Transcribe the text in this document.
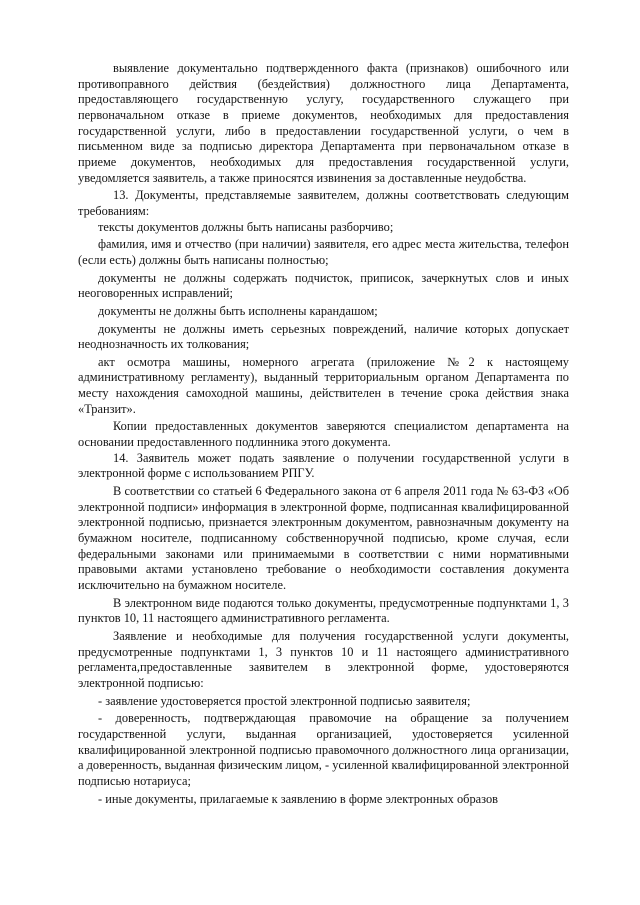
выявление документально подтвержденного факта (признаков) ошибочного или противоправного действия (бездействия) должностного лица Департамента, предоставляющего государственную услугу, государственного служащего при первоначальном отказе в приеме документов, необходимых для предоставления государственной услуги, либо в предоставлении государственной услуги, о чем в письменном виде за подписью директора Департамента при первоначальном отказе в приеме документов, необходимых для предоставления государственной услуги, уведомляется заявитель, а также приносятся извинения за доставленные неудобства.

13. Документы, представляемые заявителем, должны соответствовать следующим требованиям:

тексты документов должны быть написаны разборчиво;

фамилия, имя и отчество (при наличии) заявителя, его адрес места жительства, телефон (если есть) должны быть написаны полностью;

документы не должны содержать подчисток, приписок, зачеркнутых слов и иных неоговоренных исправлений;

документы не должны быть исполнены карандашом;

документы не должны иметь серьезных повреждений, наличие которых допускает неоднозначность их толкования;

акт осмотра машины, номерного агрегата (приложение №2 к настоящему административному регламенту), выданный территориальным органом Департамента по месту нахождения самоходной машины, действителен в течение срока действия знака «Транзит».

Копии предоставленных документов заверяются специалистом департамента на основании предоставленного подлинника этого документа.

14. Заявитель может подать заявление о получении государственной услуги в электронной форме с использованием РПГУ.

В соответствии со статьей 6 Федерального закона от 6 апреля 2011 года № 63-ФЗ «Об электронной подписи» информация в электронной форме, подписанная квалифицированной электронной подписью, признается электронным документом, равнозначным документу на бумажном носителе, подписанному собственноручной подписью, кроме случая, если федеральными законами или принимаемыми в соответствии с ними нормативными правовыми актами установлено требование о необходимости составления документа исключительно на бумажном носителе.

В электронном виде подаются только документы, предусмотренные подпунктами 1, 3 пунктов 10, 11 настоящего административного регламента.

Заявление и необходимые для получения государственной услуги документы, предусмотренные подпунктами 1, 3 пунктов 10 и 11 настоящего административного регламента,предоставленные заявителем в электронной форме, удостоверяются электронной подписью:

- заявление удостоверяется простой электронной подписью заявителя;

- доверенность, подтверждающая правомочие на обращение за получением государственной услуги, выданная организацией, удостоверяется усиленной квалифицированной электронной подписью правомочного должностного лица организации, а доверенность, выданная физическим лицом, - усиленной квалифицированной электронной подписью нотариуса;

- иные документы, прилагаемые к заявлению в форме электронных образов
